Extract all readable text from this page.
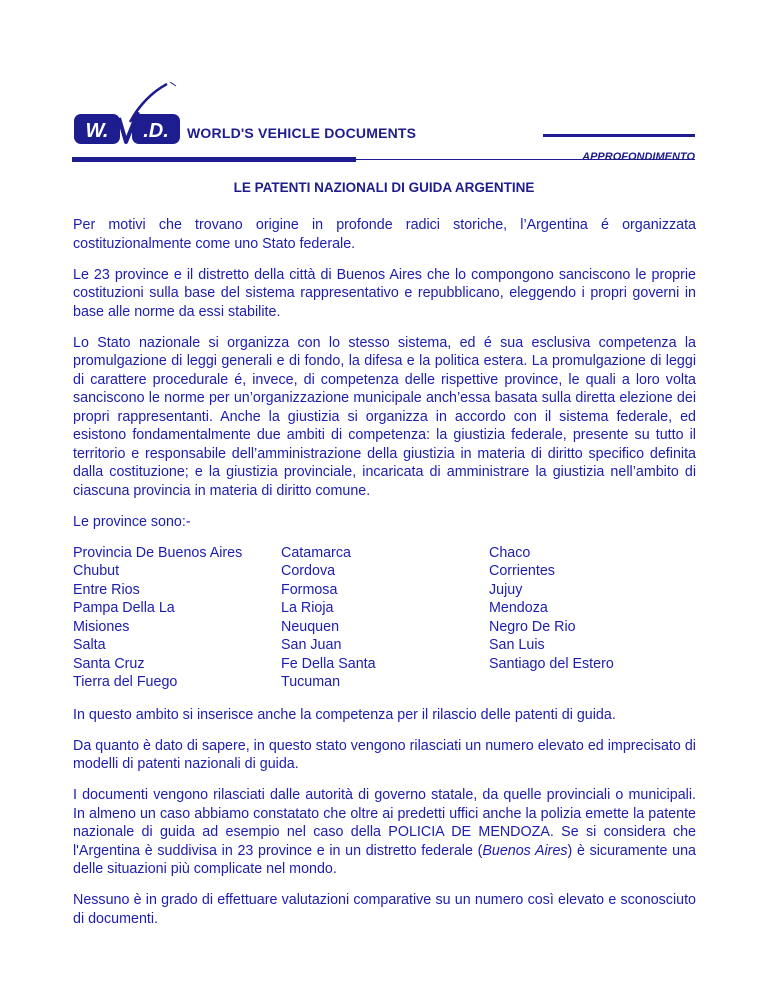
W. .D. WORLD'S VEHICLE DOCUMENTS
APPROFONDIMENTO
LE PATENTI NAZIONALI DI GUIDA ARGENTINE

Per motivi che trovano origine in profonde radici storiche, l’Argentina é organizzata costituzionalmente come uno Stato federale.

Le 23 province e il distretto della città di Buenos Aires che lo compongono sanciscono le proprie costituzioni sulla base del sistema rappresentativo e repubblicano, eleggendo i propri governi in base alle norme da essi stabilite.

Lo Stato nazionale si organizza con lo stesso sistema, ed é sua esclusiva competenza la promulgazione di leggi generali e di fondo, la difesa e la politica estera. La promulgazione di leggi di carattere procedurale é, invece, di competenza delle rispettive province, le quali a loro volta sanciscono le norme per un’organizzazione municipale anch’essa basata sulla diretta elezione dei propri rappresentanti. Anche la giustizia si organizza in accordo con il sistema federale, ed esistono fondamentalmente due ambiti di competenza: la giustizia federale, presente su tutto il territorio e responsabile dell’amministrazione della giustizia in materia di diritto specifico definita dalla costituzione; e la giustizia provinciale, incaricata di amministrare la giustizia nell’ambito di ciascuna provincia in materia di diritto comune.

Le province sono:-

Provincia De Buenos Aires
Chubut
Entre Rios
Pampa Della La
Misiones
Salta
Santa Cruz
Tierra del Fuego
Catamarca
Cordova
Formosa
La Rioja
Neuquen
San Juan
Fe Della Santa
Tucuman
Chaco
Corrientes
Jujuy
Mendoza
Negro De Rio
San Luis
Santiago del Estero

In questo ambito si inserisce anche la competenza per il rilascio delle patenti di guida.

Da quanto è dato di sapere, in questo stato vengono rilasciati un numero elevato ed imprecisato di modelli di patenti nazionali di guida.

I documenti vengono rilasciati dalle autorità di governo statale, da quelle provinciali o municipali. In almeno un caso abbiamo constatato che oltre ai predetti uffici anche la polizia emette la patente nazionale di guida ad esempio nel caso della POLICIA DE MENDOZA. Se si considera che l'Argentina è suddivisa in 23 province e in un distretto federale (Buenos Aires) è sicuramente una delle situazioni più complicate nel mondo.

Nessuno è in grado di effettuare valutazioni comparative su un numero così elevato e sconosciuto di documenti.
